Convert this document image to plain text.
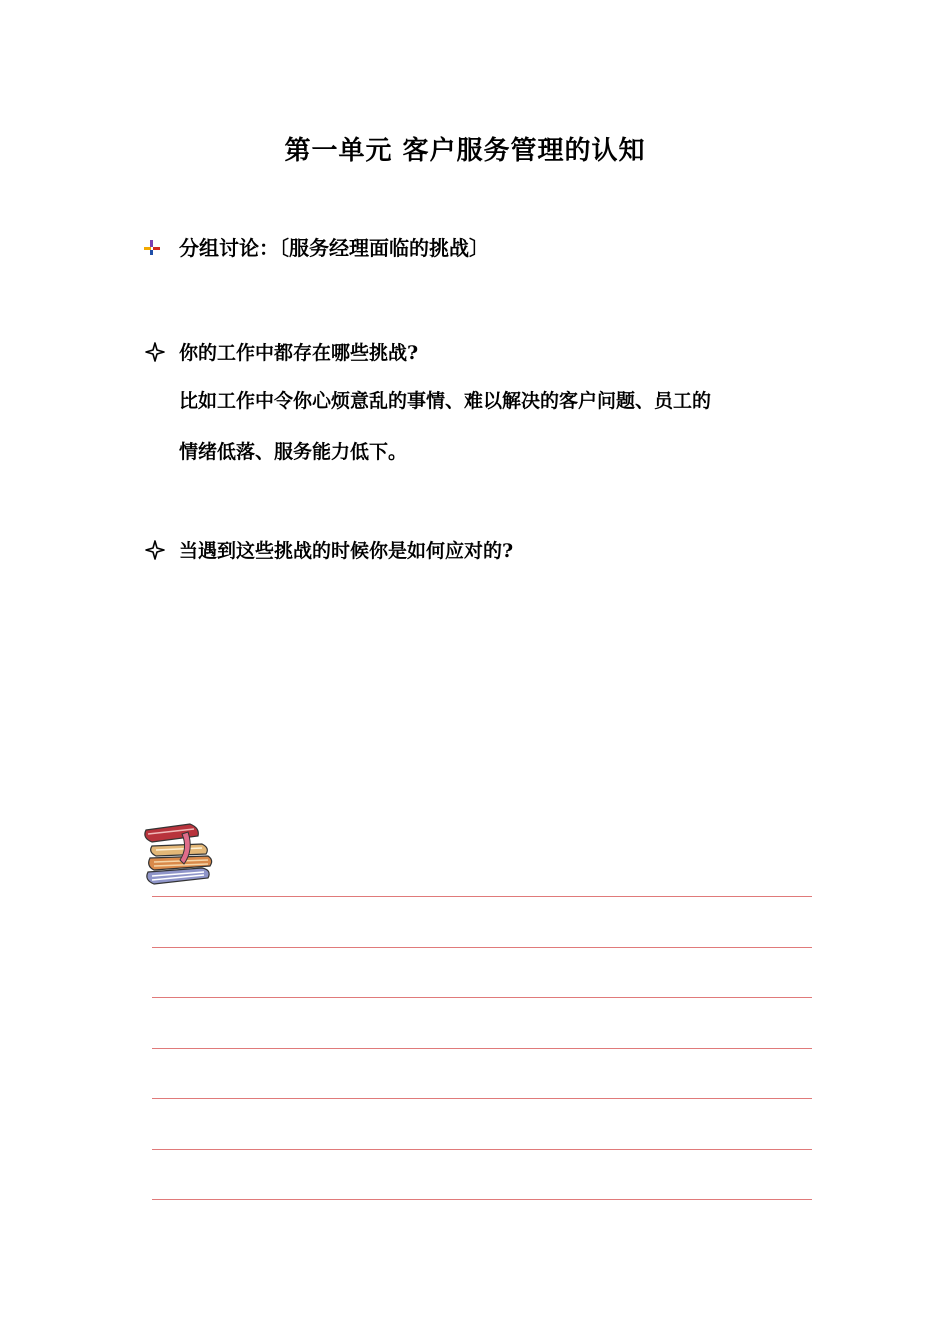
第一单元 客户服务管理的认知
分组讨论：〔服务经理面临的挑战〕
你的工作中都存在哪些挑战?
比如工作中令你心烦意乱的事情、难以解决的客户问题、员工的
情绪低落、服务能力低下。
当遇到这些挑战的时候你是如何应对的?
